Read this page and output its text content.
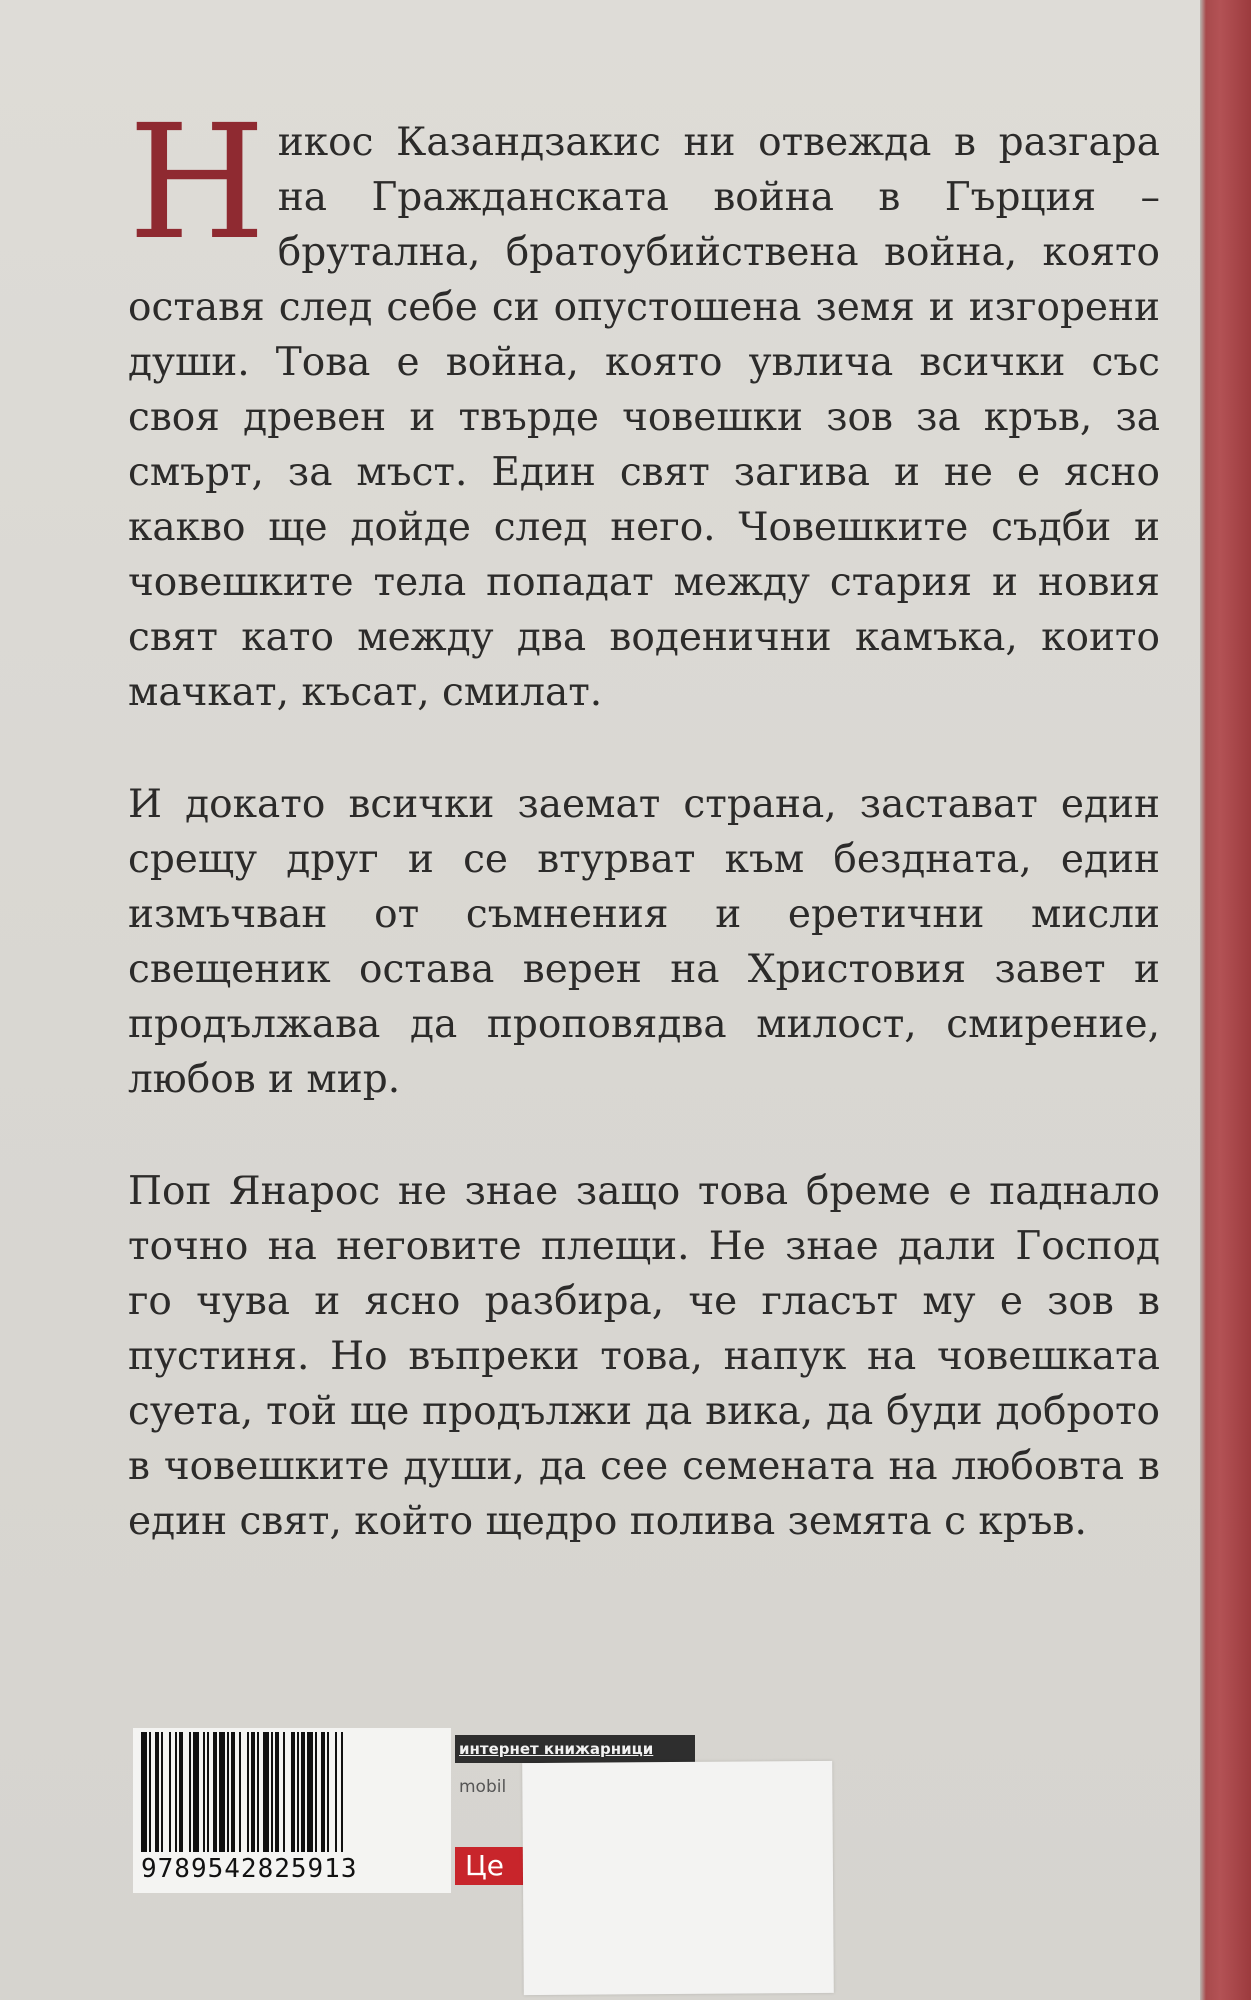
Никос Казандзакис ни отвежда в разгара на Гражданската война в Гърция – брутална, братоубийствена война, която оставя след себе си опустошена земя и изгорени души. Това е война, която увлича всички със своя древен и твърде човешки зов за кръв, за смърт, за мъст. Един свят загива и не е ясно какво ще дойде след него. Човешките съдби и човешките тела попадат между стария и новия свят като между два воденични камъка, които мачкат, късат, смилат.

И докато всички заемат страна, застават един срещу друг и се втурват към бездната, един измъчван от съмнения и еретични мисли свещеник остава верен на Христовия завет и продължава да проповядва милост, смирение, любов и мир.

Поп Янарос не знае защо това бреме е паднало точно на неговите плещи. Не знае дали Господ го чува и ясно разбира, че гласът му е зов в пустиня. Но въпреки това, напук на човешката суета, той ще продължи да вика, да буди доброто в човешките души, да сее семената на любовта в един свят, който щедро полива земята с кръв.

9789542825913
интернет книжарници
mobil
Це
